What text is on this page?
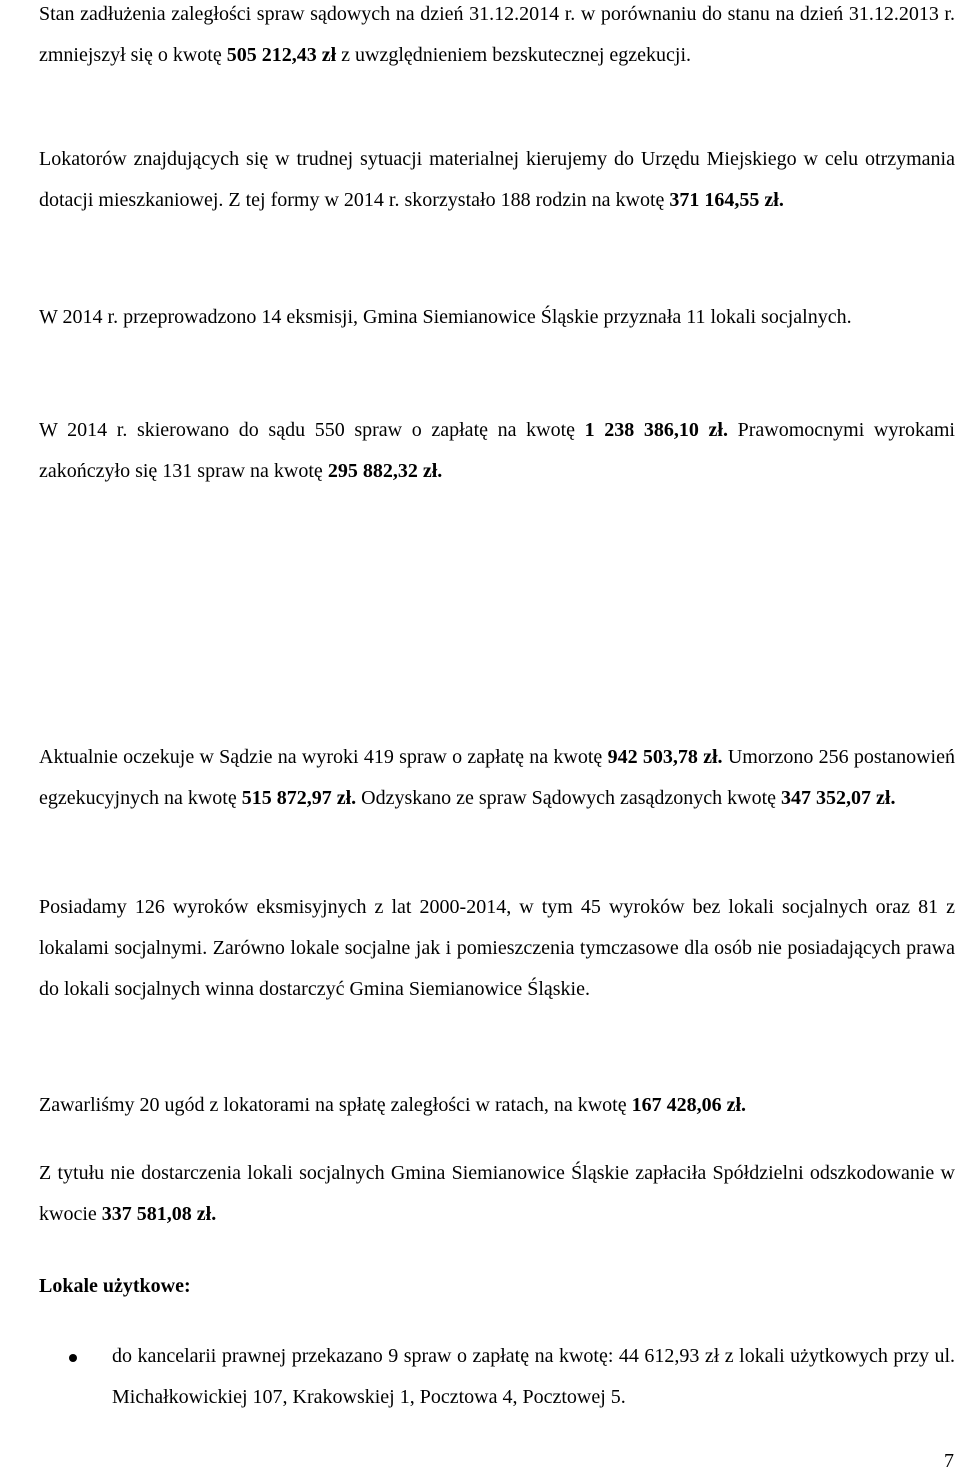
Stan zadłużenia zaległości spraw sądowych na dzień 31.12.2014 r. w porównaniu do stanu na dzień 31.12.2013 r. zmniejszył się o kwotę 505 212,43 zł z uwzględnieniem bezskutecznej egzekucji.

Lokatorów znajdujących się w trudnej sytuacji materialnej kierujemy do Urzędu Miejskiego w celu otrzymania dotacji mieszkaniowej. Z tej formy w 2014 r. skorzystało 188 rodzin na kwotę 371 164,55 zł.

W 2014 r. przeprowadzono 14 eksmisji, Gmina Siemianowice Śląskie przyznała 11 lokali socjalnych.

W 2014 r. skierowano do sądu 550 spraw o zapłatę na kwotę 1 238 386,10 zł. Prawomocnymi wyrokami zakończyło się 131 spraw na kwotę 295 882,32 zł.

Aktualnie oczekuje w Sądzie na wyroki 419 spraw o zapłatę na kwotę 942 503,78 zł. Umorzono 256 postanowień egzekucyjnych na kwotę 515 872,97 zł. Odzyskano ze spraw Sądowych zasądzonych kwotę 347 352,07 zł.

Posiadamy 126 wyroków eksmisyjnych z lat 2000-2014, w tym 45 wyroków bez lokali socjalnych oraz 81 z lokalami socjalnymi. Zarówno lokale socjalne jak i pomieszczenia tymczasowe dla osób nie posiadających prawa do lokali socjalnych winna dostarczyć Gmina Siemianowice Śląskie.

Zawarliśmy 20 ugód z lokatorami na spłatę zaległości w ratach, na kwotę 167 428,06 zł.

Z tytułu nie dostarczenia lokali socjalnych Gmina Siemianowice Śląskie zapłaciła Spółdzielni odszkodowanie w kwocie 337 581,08 zł.

Lokale użytkowe:

do kancelarii prawnej przekazano 9 spraw o zapłatę na kwotę: 44 612,93 zł z lokali użytkowych przy ul. Michałkowickiej 107, Krakowskiej 1, Pocztowa 4, Pocztowej 5.

7
